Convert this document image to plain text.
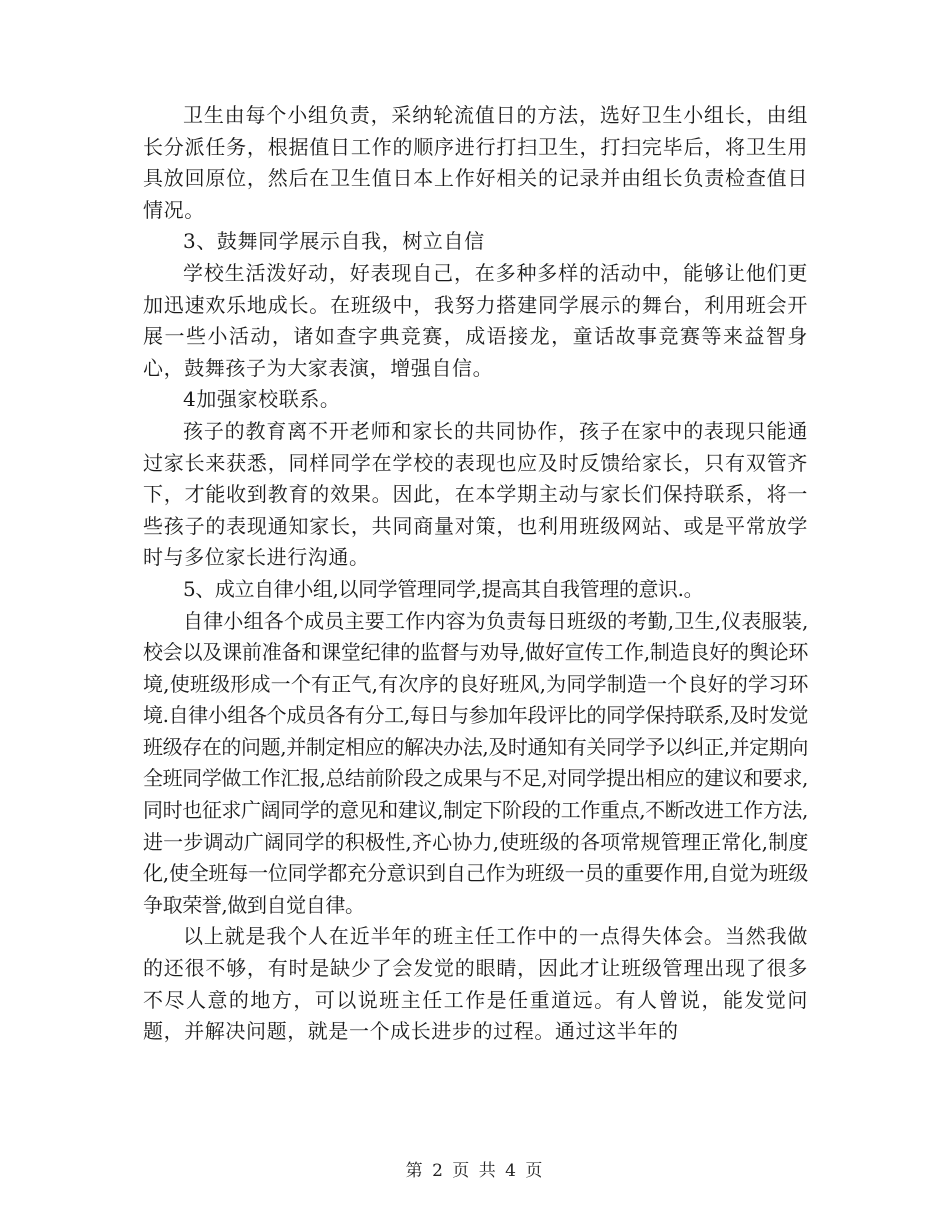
卫生由每个小组负责，采纳轮流值日的方法，选好卫生小组长，由组长分派任务，根据值日工作的顺序进行打扫卫生，打扫完毕后，将卫生用具放回原位，然后在卫生值日本上作好相关的记录并由组长负责检查值日情况。

3、鼓舞同学展示自我，树立自信

学校生活泼好动，好表现自己，在多种多样的活动中，能够让他们更加迅速欢乐地成长。在班级中，我努力搭建同学展示的舞台，利用班会开展一些小活动，诸如查字典竞赛，成语接龙，童话故事竞赛等来益智身心，鼓舞孩子为大家表演，增强自信。

4加强家校联系。

孩子的教育离不开老师和家长的共同协作，孩子在家中的表现只能通过家长来获悉，同样同学在学校的表现也应及时反馈给家长，只有双管齐下，才能收到教育的效果。因此，在本学期主动与家长们保持联系，将一些孩子的表现通知家长，共同商量对策，也利用班级网站、或是平常放学时与多位家长进行沟通。

5、成立自律小组,以同学管理同学,提高其自我管理的意识.。

自律小组各个成员主要工作内容为负责每日班级的考勤,卫生,仪表服装,校会以及课前准备和课堂纪律的监督与劝导,做好宣传工作,制造良好的舆论环境,使班级形成一个有正气,有次序的良好班风,为同学制造一个良好的学习环境.自律小组各个成员各有分工,每日与参加年段评比的同学保持联系,及时发觉班级存在的问题,并制定相应的解决办法,及时通知有关同学予以纠正,并定期向全班同学做工作汇报,总结前阶段之成果与不足,对同学提出相应的建议和要求,同时也征求广阔同学的意见和建议,制定下阶段的工作重点,不断改进工作方法,进一步调动广阔同学的积极性,齐心协力,使班级的各项常规管理正常化,制度化,使全班每一位同学都充分意识到自己作为班级一员的重要作用,自觉为班级争取荣誉,做到自觉自律。

以上就是我个人在近半年的班主任工作中的一点得失体会。当然我做的还很不够，有时是缺少了会发觉的眼睛，因此才让班级管理出现了很多不尽人意的地方，可以说班主任工作是任重道远。有人曾说，能发觉问题，并解决问题，就是一个成长进步的过程。通过这半年的

第 2 页 共 4 页
